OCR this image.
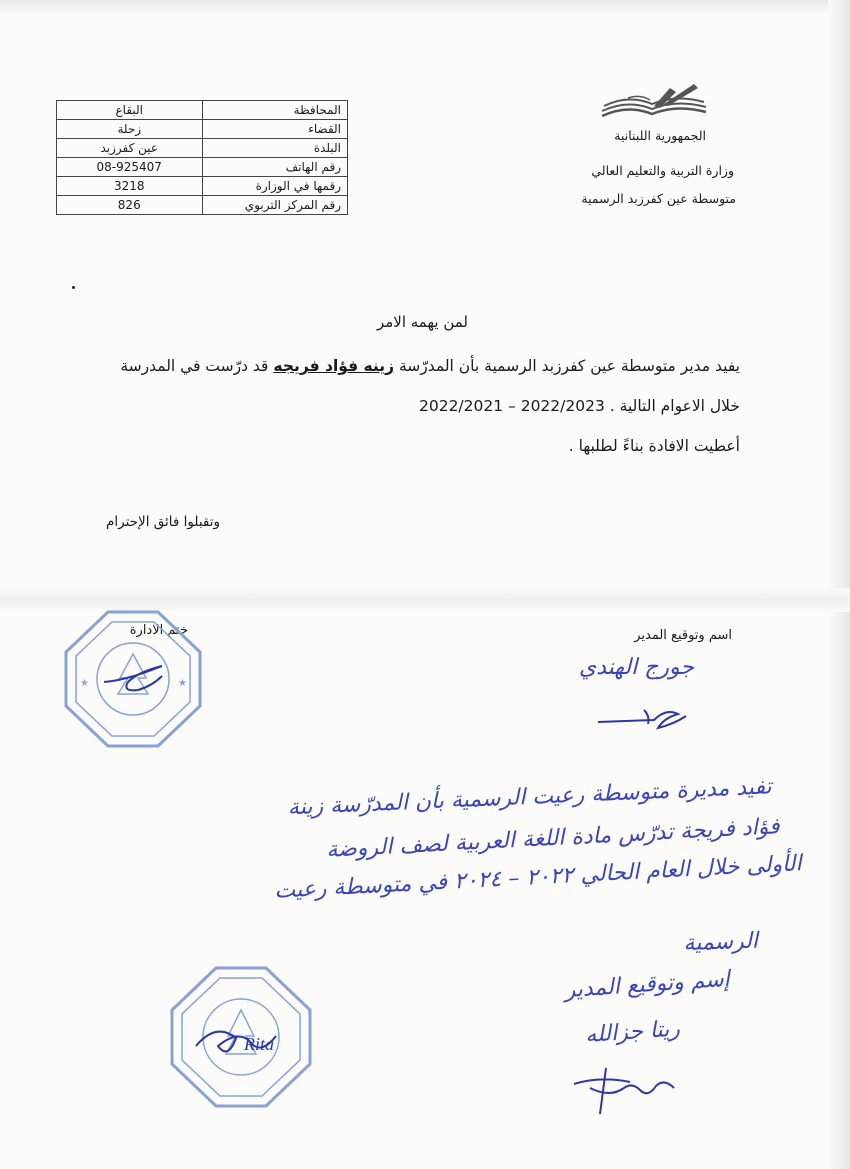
المحافظة	البقاع
القضاء	زحلة
البلدة	عين كفرزبد
رقم الهاتف	08-925407
رقمها في الوزارة	3218
رقم المركز التربوي	826
الجمهورية اللبنانية
وزارة التربية والتعليم العالي
متوسطة عين كفرزبد الرسمية
لمن يهمه الامر
يفيد مدير متوسطة عين كفرزبد الرسمية بأن المدرّسة زينه فؤاد فريجه قد درّست في المدرسة
خلال الاعوام التالية 2022/2021 – 2022/2023 .
أعطيت الافادة بناءً لطلبها .
وتقبلوا فائق الإحترام
ختم الادارة	اسم وتوقيع المدير
جورج الهندي
★	★
تفيد مديرة متوسطة رعيت الرسمية بأن المدرّسة زينة
فؤاد فريجة تدرّس مادة اللغة العربية لصف الروضة
الأولى خلال العام الحالي ٢٠٢٢ – ٢٠٢٤ في متوسطة رعيت
الرسمية
إسم وتوقيع المدير
ريتا جزالله
Rita
